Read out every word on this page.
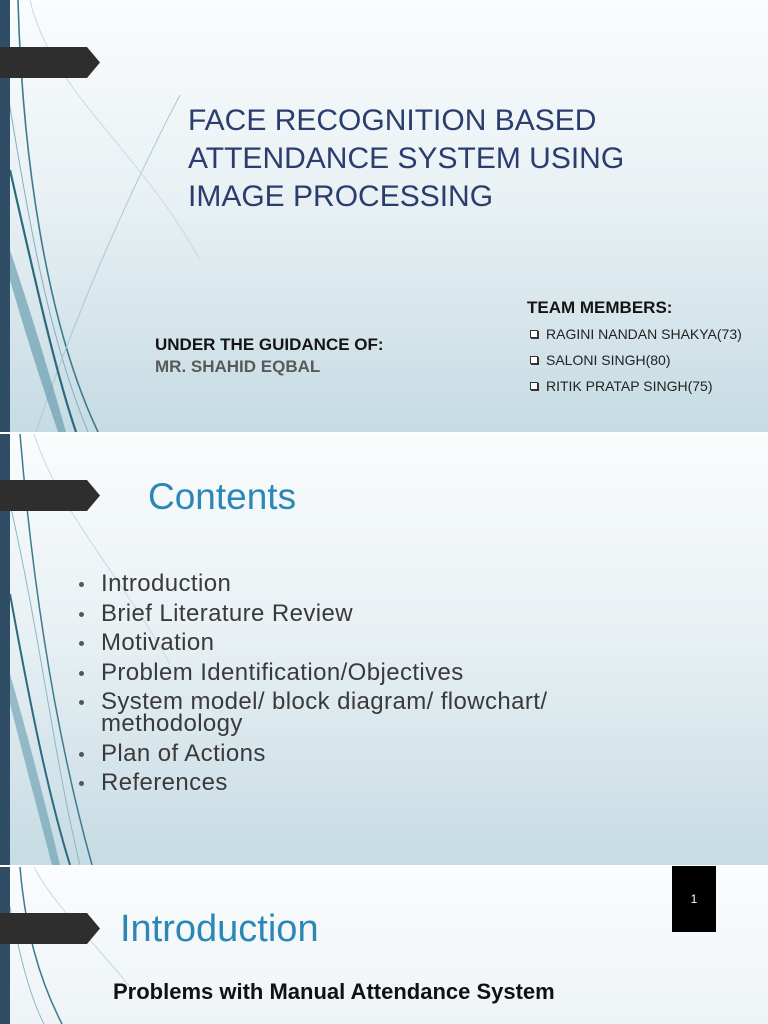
FACE RECOGNITION BASED
ATTENDANCE SYSTEM USING
IMAGE PROCESSING
TEAM MEMBERS:
RAGINI NANDAN SHAKYA(73)
SALONI SINGH(80)
RITIK PRATAP SINGH(75)
UNDER THE GUIDANCE OF:
MR. SHAHID EQBAL
Contents
Introduction
Brief Literature Review
Motivation
Problem Identification/Objectives
System model/ block diagram/ flowchart/ methodology
Plan of Actions
References
Introduction
Problems with Manual Attendance System
1
